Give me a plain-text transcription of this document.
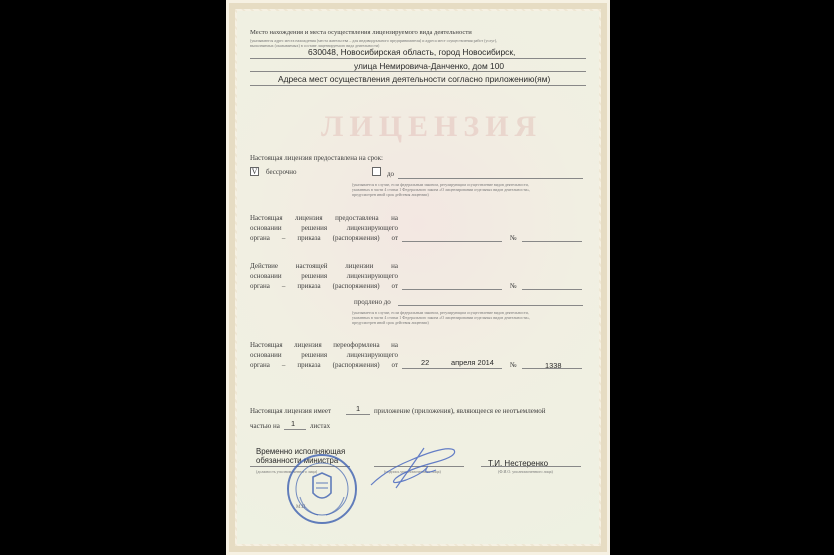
ЛИЦЕНЗИЯ
Место нахождения и места осуществления лицензируемого вида деятельности
(указываются адрес места нахождения (места жительства – для индивидуального предпринимателя) и адреса мест осуществления работ (услуг),
выполняемых (оказываемых) в составе лицензируемого вида деятельности)
630048, Новосибирская область, город Новосибирск,
улица Немировича-Данченко, дом 100
Адреса мест осуществления деятельности согласно приложению(ям)
Настоящая лицензия предоставлена на срок:
V бессрочно	до
(указывается в случае, если федеральным законом, регулирующим осуществление видов деятельности,
указанных в части 4 статьи 1 Федерального закона «О лицензировании отдельных видов деятельности»,
предусмотрен иной срок действия лицензии)
Настоящая лицензия предоставлена на
основании решения лицензирующего
органа – приказа (распоряжения) от	№
Действие настоящей лицензии на
основании решения лицензирующего
органа – приказа (распоряжения) от	№
продлено до
(указывается в случае, если федеральным законом, регулирующим осуществление видов деятельности,
указанных в части 4 статьи 1 Федерального закона «О лицензировании отдельных видов деятельности»,
предусмотрен иной срок действия лицензии)
Настоящая лицензия переоформлена на
основании решения лицензирующего
органа – приказа (распоряжения) от	22	апреля 2014 №	1338
Настоящая лицензия имеет	1 приложение (приложения), являющееся ее неотъемлемой
частью на 1 листах
Временно исполняющая
обязанности министра
(должность уполномоченного лица)	(подпись уполномоченного лица)
Т.И. Нестеренко
(Ф.И.О. уполномоченного лица)
М.П.
